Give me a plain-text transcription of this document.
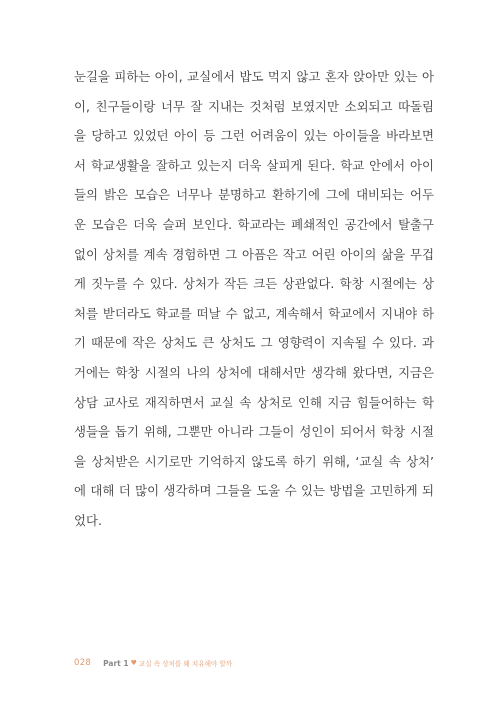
눈길을 피하는 아이, 교실에서 밥도 먹지 않고 혼자 앉아만 있는 아
이, 친구들이랑 너무 잘 지내는 것처럼 보였지만 소외되고 따돌림
을 당하고 있었던 아이 등 그런 어려움이 있는 아이들을 바라보면
서 학교생활을 잘하고 있는지 더욱 살피게 된다. 학교 안에서 아이
들의 밝은 모습은 너무나 분명하고 환하기에 그에 대비되는 어두
운 모습은 더욱 슬퍼 보인다. 학교라는 폐쇄적인 공간에서 탈출구
없이 상처를 계속 경험하면 그 아픔은 작고 어린 아이의 삶을 무겁
게 짓누를 수 있다. 상처가 작든 크든 상관없다. 학창 시절에는 상
처를 받더라도 학교를 떠날 수 없고, 계속해서 학교에서 지내야 하
기 때문에 작은 상처도 큰 상처도 그 영향력이 지속될 수 있다. 과
거에는 학창 시절의 나의 상처에 대해서만 생각해 왔다면, 지금은
상담 교사로 재직하면서 교실 속 상처로 인해 지금 힘들어하는 학
생들을 돕기 위해, 그뿐만 아니라 그들이 성인이 되어서 학창 시절
을 상처받은 시기로만 기억하지 않도록 하기 위해, ‘교실 속 상처’
에 대해 더 많이 생각하며 그들을 도울 수 있는 방법을 고민하게 되
었다.
028 Part 1 ♥ 교실 속 상처를 왜 치유해야 할까
